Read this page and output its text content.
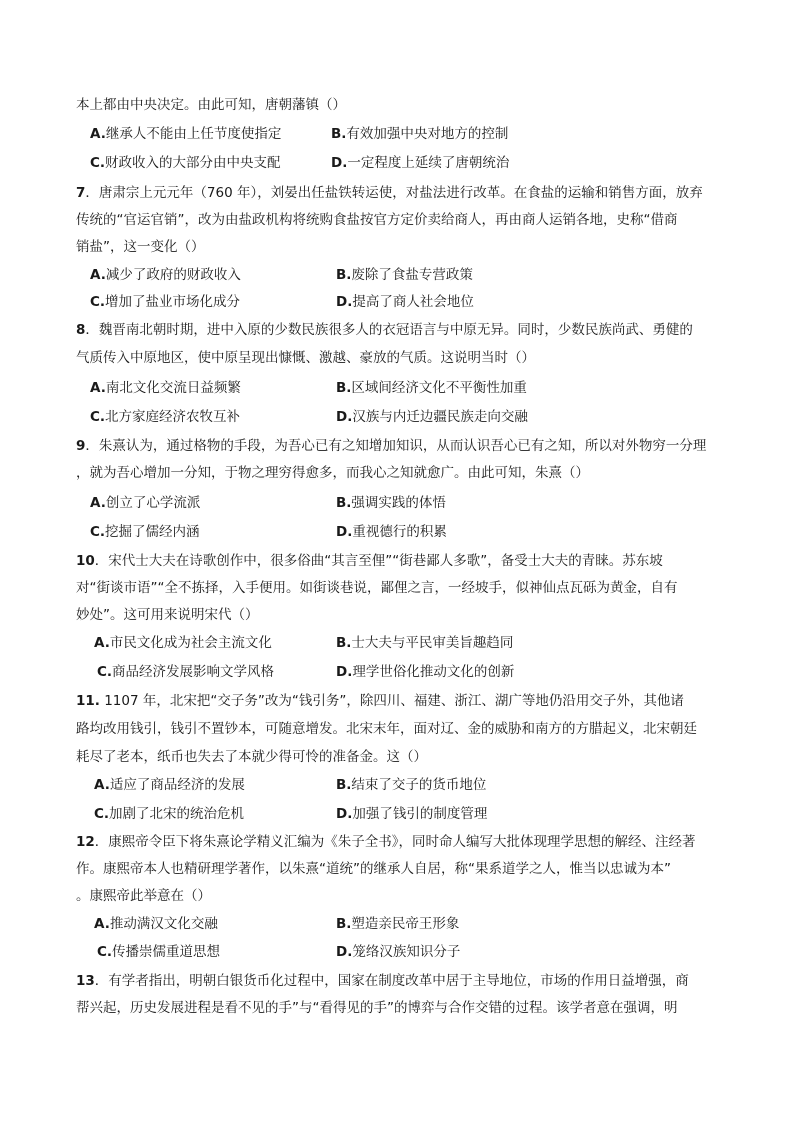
本上都由中央决定。由此可知，唐朝藩镇（）
A.继承人不能由上任节度使指定	B.有效加强中央对地方的控制
C.财政收入的大部分由中央支配	D.一定程度上延续了唐朝统治
7．唐肃宗上元元年（760 年），刘晏出任盐铁转运使，对盐法进行改革。在食盐的运输和销售方面，放弃
传统的“官运官销”，改为由盐政机构将统购食盐按官方定价卖给商人，再由商人运销各地，史称“借商
销盐”，这一变化（）
A.减少了政府的财政收入	B.废除了食盐专营政策
C.增加了盐业市场化成分	D.提高了商人社会地位
8．魏晋南北朝时期，进中入原的少数民族很多人的衣冠语言与中原无异。同时，少数民族尚武、勇健的
气质传入中原地区，使中原呈现出慷慨、激越、豪放的气质。这说明当时（）
A.南北文化交流日益频繁	B.区域间经济文化不平衡性加重
C.北方家庭经济农牧互补	D.汉族与内迁边疆民族走向交融
9．朱熹认为，通过格物的手段，为吾心已有之知增加知识，从而认识吾心已有之知，所以对外物穷一分理
，就为吾心增加一分知，于物之理穷得愈多，而我心之知就愈广。由此可知，朱熹（）
A.创立了心学流派	B.强调实践的体悟
C.挖掘了儒经内涵	D.重视德行的积累
10．宋代士大夫在诗歌创作中，很多俗曲“其言至俚”“街巷鄙人多歌”，备受士大夫的青睐。苏东坡
对“街谈市语”“全不拣择，入手便用。如街谈巷说，鄙俚之言，一经坡手，似神仙点瓦砾为黄金，自有
妙处”。这可用来说明宋代（）
A.市民文化成为社会主流文化	B.士大夫与平民审美旨趣趋同
C.商品经济发展影响文学风格	D.理学世俗化推动文化的创新
11. 1107 年，北宋把“交子务”改为“钱引务”，除四川、福建、浙江、湖广等地仍沿用交子外，其他诸
路均改用钱引，钱引不置钞本，可随意增发。北宋末年，面对辽、金的威胁和南方的方腊起义，北宋朝廷
耗尽了老本，纸币也失去了本就少得可怜的准备金。这（）
A.适应了商品经济的发展	B.结束了交子的货币地位
C.加剧了北宋的统治危机	D.加强了钱引的制度管理
12．康熙帝令臣下将朱熹论学精义汇编为《朱子全书》，同时命人编写大批体现理学思想的解经、注经著
作。康熙帝本人也精研理学著作，以朱熹“道统”的继承人自居，称“果系道学之人，惟当以忠诚为本”
。康熙帝此举意在（）
A.推动满汉文化交融	B.塑造亲民帝王形象
C.传播崇儒重道思想	D.笼络汉族知识分子
13．有学者指出，明朝白银货币化过程中，国家在制度改革中居于主导地位，市场的作用日益增强，商
帮兴起，历史发展进程是看不见的手”与“看得见的手”的博弈与合作交错的过程。该学者意在强调，明
